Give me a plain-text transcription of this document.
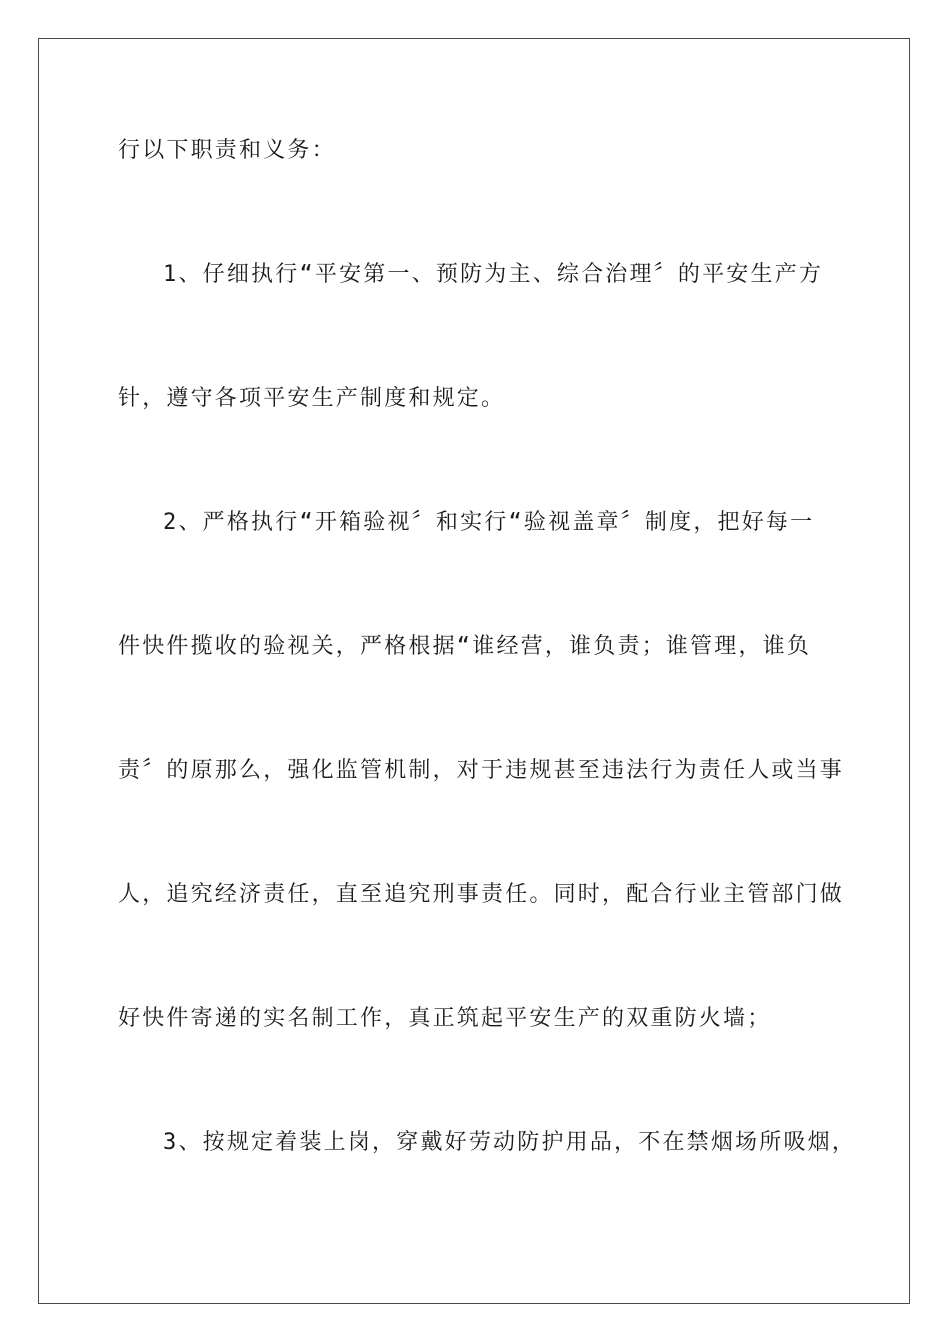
行以下职责和义务：
1、仔细执行“平安第一、预防为主、综合治理〞的平安生产方
针，遵守各项平安生产制度和规定。
2、严格执行“开箱验视〞和实行“验视盖章〞制度，把好每一
件快件揽收的验视关，严格根据“谁经营，谁负责；谁管理，谁负
责〞的原那么，强化监管机制，对于违规甚至违法行为责任人或当事
人，追究经济责任，直至追究刑事责任。同时，配合行业主管部门做
好快件寄递的实名制工作，真正筑起平安生产的双重防火墙；
3、按规定着装上岗，穿戴好劳动防护用品，不在禁烟场所吸烟，
